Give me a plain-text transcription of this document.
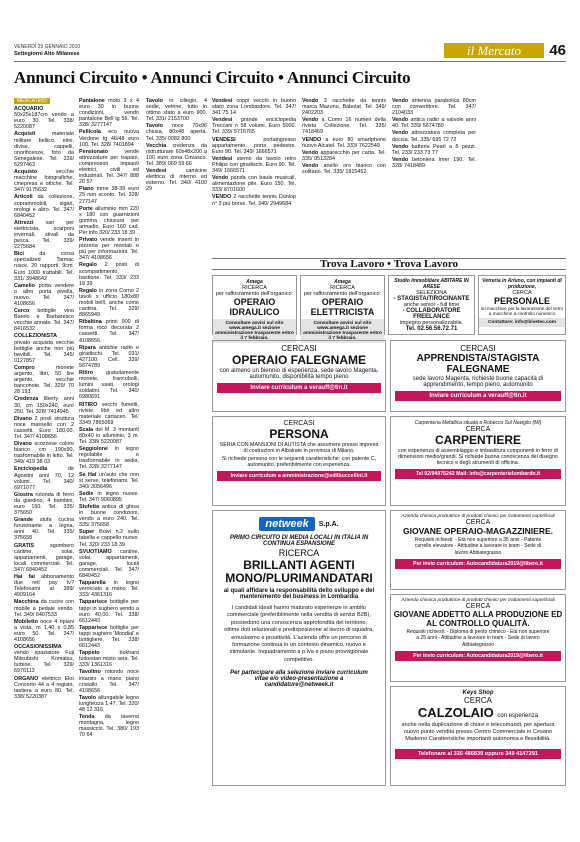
VENERDÌ 29 GENNAIO 2010
Settegiorni Alto Milanese	il Mercato	46
Annunci Circuito • Annunci Circuito • Annunci Circuito
MERCATINO

ACQUARIO 50x25x187cm vendo a euro 30. Tel. 338/ 5220087

Acquisti	materiale militare bellico, elmi, divise, cappelli, onorificenze, foto da Senegalese. Tel. 339/ 5297463

Acquisto	vecchie macchine fotografiche, cinepresa e ottiche. Tel. 347/ 9175632

Articoli da collezione, soprammobili, sigari, orologi e altro. Tel. 347/ 6840452

Attrezzi vari per elettricista, scarponi invernali, stivali da pesca. Tel. 339/ 2275684

Bici	da corsa specialized Tarmac rusce, 20 rapporti, 9cm. Euro 1000 trattabili. Tel. 331/ 3948642

Camelio porta vendere o altro porta pivella, nuovo. Tel. 347/ 4108656

Cerco bottiglie vino Barolo e Barbaresco vecchie annate. Tel. 347/ 8416532

COLLEZIONISTA privato acquista vecchie bottiglie anche non più bevibili. Tel. 345/ 0127857

Compro	monete argento, libri, 50 lire argento, vecchie banconote. Tel. 329/ 70 28 193

Credenza liberty anni 30, cm 150x240, euro 250. Tel. 328/ 7414945

Divano 2 posti struttura noce massello con 2 cassetti. Euro 180,00. Tel. 347/ 4108656

Divano scozzese colore bianco cm 190x90, trasformabile in letto. Tel. 349/ 419 38 03

Enciclopedia	de Agostini anni 70, 12 volumi. Tel. 340/ 6971077

Giostra rotonda di ferro da giardino, 4 bambini, euro 150. Tel. 335/ 375650

Grande stufa cucina funzionante a legna, anni 40. Tel. 335/ 375658

GRATIS	sgombero cantine, solai, appartamenti, garage, locali commerciali. Tel. 347/ 6840452

Hai fai abbonamento due reti pay tv? Telefonami al 389/ 4909164

Macchina da cucire con mobile a pedale vendo. Tel. 349/ 6407533

Mobiletto noce 4 ripiani a vista, m 1,40 x 0,85 euro 50. Tel. 347/ 4108656

OCCASIONISSIMA vendo spaziatore Fuji Mitsubishi Komatsu, turbine. Tel. 329/ 6976113

ORGANO elettrico Eko Concerto 44 a 4 registri, tastiera a euro 80. Tel. 338/ 5220387

Pantalone moto 3 x 4 euro 30 in buone condizioni, vendo pantalone Bell tg 56. Tel. 328/ 3277147

Pellicola eco nuova Verdone tg 46/48 euro 100. Tel. 328/ 7401894

Pensionato	vende attrezzature per trapani, compressori impianti elettrici, civili ed industriali. Tel. 347/ 888 20 57

Piano mme 38-39 euro 25 non sconto. Tel. 328/ 277147

Porte alluminio mm 220 x 180 con guarnizioni gomma chiusura per armadio. Euro 160 cad. Per info 320/ 233 18 39

Privato vende inserti in pizzeria per montati e più per informazioni. Tel. 347/ 4108656

Regalo 2 posti di scompartimento, bastione. Tel. 333/ 233 18 39

Regalo in zona Corno 2 tavoli x ufficio 180x80 mobili bellì, anche come cantina. Tel. 329/ 8865949

Ribaltina primi 900 di forma rocò decorata 2 cassetti. Tel. 347/ 4108656

Ripara antichie radio e giradischi. Tel. 031/ 427100. Cell. 339/ 5674789

Ritiro gratuitamente monete, francobolli, lumini usati, orologi soldatini. Tel. 340/ 6980691

RITIRO vecchi fumetti, riviste, libri ed altro materiale cartaceo. Tel. 3349 7865069

Scala del M. 3 montanti 80x40 in alluminio, 3 m. Tel. 338/ 5220087

Seggiolone in legno regolabile e trasformabile in sedia. Tel. 328/ 3277147

Se Hai un'auto che non si serve, telefonami. Tel. 340/ 3056496

Sedie in legno nuove. Tel. 347/ 9060895

Stufetta antica di ghisa in buone condizioni, vendo a euro 240. Tel. 335/ 375658

Super Bowl n.2 sullo tabella e cappello nuovo. Tel. 320/ 233 18 39

SVUOTIAMO cantine, solai, appartamenti, garage, locali commerciali. Tel. 347/ 6840452

Tapparella in legno verniciato a mano. Tel. 333/ 4361316

Tapparisce bottiglie per tappi in sughero vendo a euro 40,00. Tel. 338/ 6612443

Tapparisce bottiglie per tappi sughero 'Mondial' e bottigliere. Tel. 338/ 6612443

Tappeto	bukhara turkestan misto seta. Tel. 333/ 1361316

Tavolino rotondo noce intarsio a mano piano cristallo. Tel. 347/ 4108656

Tavolo allungabile legno lunghezza 1,47. Tel. 320/ 48 12 316

Tenda da taverna montagna, legno massiccio. Tel. 380/ 193 70 64

Tavolo in ciliegio, 4 sedie, vetrine, tutto in ottimo stato a euro 900. Tel. 331/ 2153700

Tavolo noce 70x96 chiusa, 80x48 aperta. Tel. 335/ 0082 800

Vecchia credenza da ristrutturare 60x48x200 a 100 euro zona Cirvasco. Tel. 389/ 069 59 66

Vendesi	camicine elettrica di interno ed esterno. Tel. 340/ 4100 29

Vendesi coppi vecchi in buono stato zona Lombardore. Tel. 347/ 341 75 14

Vendesi grande enciclopedia Treccani n 58 volumi. Euro 5000. Tel. 339/ 5716765

VENDESI	portaingresso appartamento, porta pedestre. Euro 90. Tel. 349/ 1666571

Vendesi sterno da tavolo retro Philips con giradischi. Euro 90. Tel. 349/ 1666571

Vendo panda con baule musicali, alimentazione pile. Euro 150. Tel. 333/ 8701600

VENDO 2 racchette tennis Dunlop n° 3 più borse. Tel. 340/ 2949684

Vendo 3 racchette da tennis marca Mazunu, Babolat. Tel. 349/ 2402203

Vendo a Como 16 numeri della rivista Collezione. Tel. 335/ 7418469

VENDO a euro 80 smartphone nuovo Alcatel. Tel. 333/ 7622549

Vendo apparecchio per carta. Tel. 335/ 9513284

Vendo anello oro bianco con solitario. Tel. 335/ 1815452

Vendo antenna parabolica 80cm con convertitore. Tel. 347/ 2104033

Vendo antica radio a valvole anni 40. Tel. 339/ 5674789

Vendo attrezzatura completa per doccia. Tel. 335/ 695 72 72

Vendo batteria Pearl a 5 pezzi. Tel. 233/ 233 73 77

Vendo betoniera Imer 190. Tel. 328/ 7418489

Trova Lavoro • Trova Lavoro
Amega
RICERCA
per rafforzamento dell'organico:
OPERAIO IDRAULICO
Consultare avvisi sul sito www.amega.it sezione amministrazione trasparente entro il 7 febbraio.
Amega
RICERCA
per rafforzamento dell'organico:
OPERAIO ELETTRICISTA
Consultare avvisi sul sito www.amega.it sezione amministrazione trasparente entro il 7 febbraio.
Studio Immobiliare ABITARE IN ARESE
SELEZIONA
- STAGISTA/TIROCINANTE
anche senior - full time
- COLLABORATORE FREELANCE
impegno personalizzabile.
Tel. 02.56.56.72.71
Vetreria in Arluno, con impianti di produzione,
CERCA
PERSONALE
su macchine per la lavorazione del vetro a macchine a controllo numerico
Contattare: info@bivetec.com
CERCASI
OPERAIO FALEGNAME
con almeno un biennio di esperienza, sede lavoro Magenta, automunito, disponibilità tempo pieno
Inviare curriculum a verauff@tin.it
CERCASI
APPRENDISTA/STAGISTA FALEGNAME
sede lavoro Magenta, richieste buone capacità di apprendimento, tempo pieno, automunito
Inviare curriculum a verauff@tin.it
CERCASI
PERSONA
SERIA CON MANSIONI DI AUTISTA che assumere presso impresa di costruzioni in Albairate in provincia di Milano.
Si richiede persona con le seguenti caratteristiche: con patente C, automunito, preferibilmente con esperienza.
Inviare curriculum a amministrazione@edilbuccellini.it
Carpenteria Metallica situata a Robecco Sul Naviglio (MI)
CERCA
CARPENTIERE
con esperienza di assemblaggio e imbastitura componenti in ferro di dimensioni medio/grandi. Si richiede buona conoscenza del disegno tecnico e degli strumenti di officina.
Tel 02/94975242 Mail: info@carpenterielombardo.it
netweek	S.p.A.
PRIMO CIRCUITO DI MEDIA LOCALI IN ITALIA IN CONTINUA ESPANSIONE
RICERCA
BRILLANTI AGENTI MONO/PLURIMANDATARI
ai quali affidare la responsabilità dello sviluppo e del mantenimento del business in Lombardia
I candidati ideali hanno maturato esperienze in ambito commerciale (preferibilmente nella vendita di servizi B2B), possiedono una conoscenza approfondita del territorio, ottime doti relazionali e predisposizione al lavoro di squadra, entusiasmo e proattività. L'azienda offre un percorso di formazione continua in un contesto dinamico, nuovo e stimolante. Inquadramento a p.iva e piano provvigionale competitivo.
Per partecipare alla selezione inviare curriculum vitae e/o video-presentazione a candidature@netweek.it
Azienda chimica produttrice di prodotti chimici per trattamenti superficiali
CERCA
GIOVANE OPERAIO-MAGAZZINIERE.
Requisiti richiesti: - Età non superiore a 35 anni - Patente carrello elevatore - Attitudine a lavorare in team - Sede di lavoro Abbiategrasso
Per invio curriculum: Autocandidatura2019@libero.it
Azienda chimica produttrice di prodotti chimici per trattamenti superficiali
CERCA
GIOVANE ADDETTO ALLA PRODUZIONE ED AL CONTROLLO QUALITÀ.
Requisiti richiesti: - Diploma di perito chimico - Età non superiore a 25 anni - Attitudine a lavorare in team - Sede di lavoro Abbiategrasso
Per invio curriculum: Autocandidatura2019@libero.it
Keys Shop
CERCA
CALZOLAIO con esperienza
anche nella duplicazione di chiavi e telecomandi, per apertura nuovo punto vendita presso Centro Commerciale in Cesano Maderno Caratteristiche importanti autonomia e flessibilità.
Telefonare al 335 486839 oppure 349 4147291
